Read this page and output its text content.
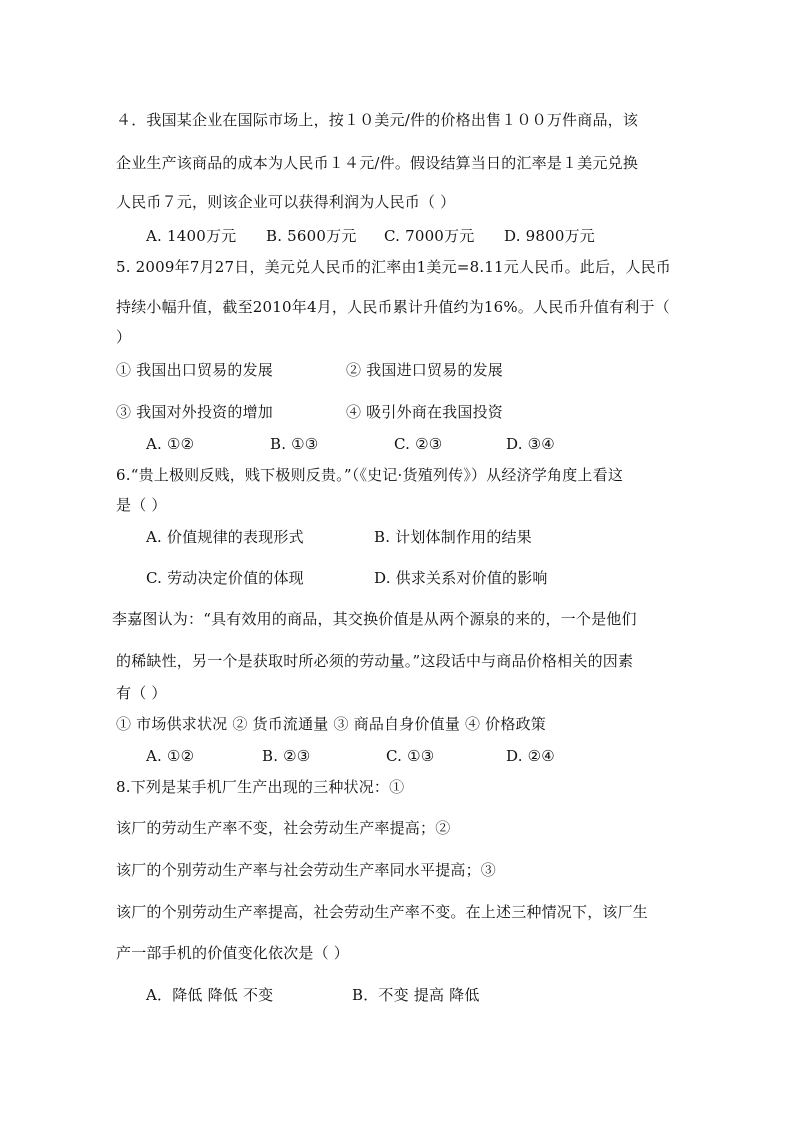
４．我国某企业在国际市场上，按１０美元/件的价格出售１００万件商品，该
企业生产该商品的成本为人民币１４元/件。假设结算当日的汇率是１美元兑换
人民币７元，则该企业可以获得利润为人民币（ ）
A. 1400万元 B. 5600万元 C. 7000万元 D. 9800万元
5. 2009年7月27日，美元兑人民币的汇率由1美元=8.11元人民币。此后，人民币
持续小幅升值，截至2010年4月，人民币累计升值约为16%。人民币升值有利于（
）
① 我国出口贸易的发展	② 我国进口贸易的发展
③ 我国对外投资的增加	④ 吸引外商在我国投资
A. ①②	B. ①③	C. ②③	D. ③④
6.“贵上极则反贱，贱下极则反贵。”（《史记·货殖列传》）从经济学角度上看这
是（ ）
A. 价值规律的表现形式	B. 计划体制作用的结果
C. 劳动决定价值的体现	D. 供求关系对价值的影响
李嘉图认为：“具有效用的商品，其交换价值是从两个源泉的来的，一个是他们
的稀缺性，另一个是获取时所必须的劳动量。”这段话中与商品价格相关的因素
有（ ）
① 市场供求状况 ② 货币流通量 ③ 商品自身价值量 ④ 价格政策
A. ①②	B. ②③	C. ①③	D. ②④
8.下列是某手机厂生产出现的三种状况：①
该厂的劳动生产率不变，社会劳动生产率提高；②
该厂的个别劳动生产率与社会劳动生产率同水平提高；③
该厂的个别劳动生产率提高，社会劳动生产率不变。在上述三种情况下，该厂生
产一部手机的价值变化依次是（ ）
A．降低 降低 不变	B．不变 提高 降低
